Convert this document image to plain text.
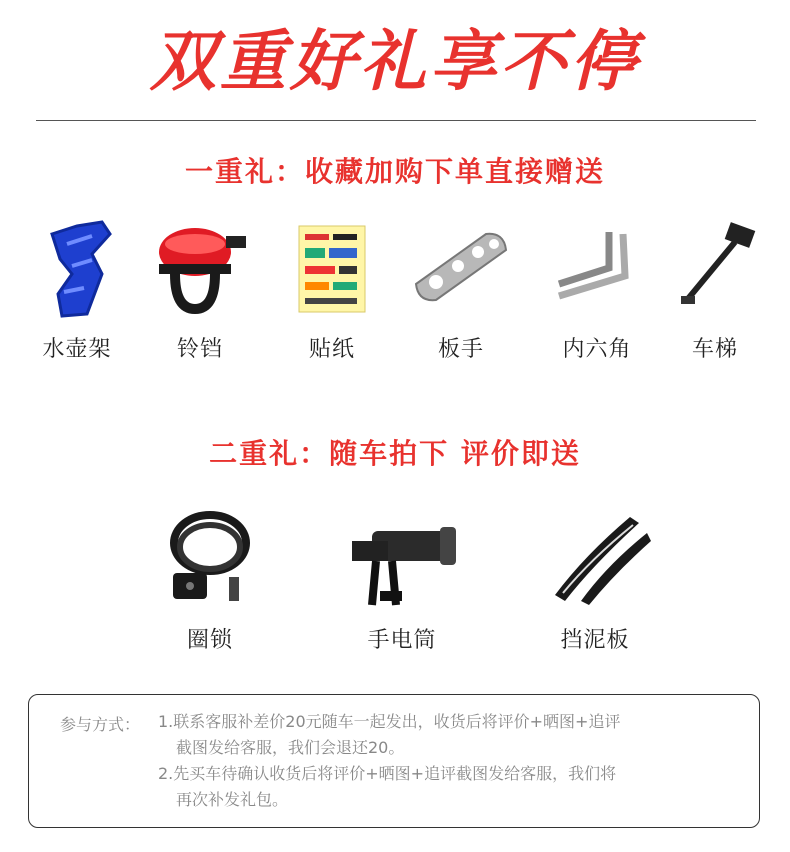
双重好礼享不停
一重礼：收藏加购下单直接赠送
水壶架	铃铛	贴纸	板手	内六角	车梯
二重礼：随车拍下 评价即送
圈锁	手电筒	挡泥板
参与方式： 1.联系客服补差价20元随车一起发出，收货后将评价+晒图+追评
截图发给客服，我们会退还20。
2.先买车待确认收货后将评价+晒图+追评截图发给客服，我们将
再次补发礼包。
